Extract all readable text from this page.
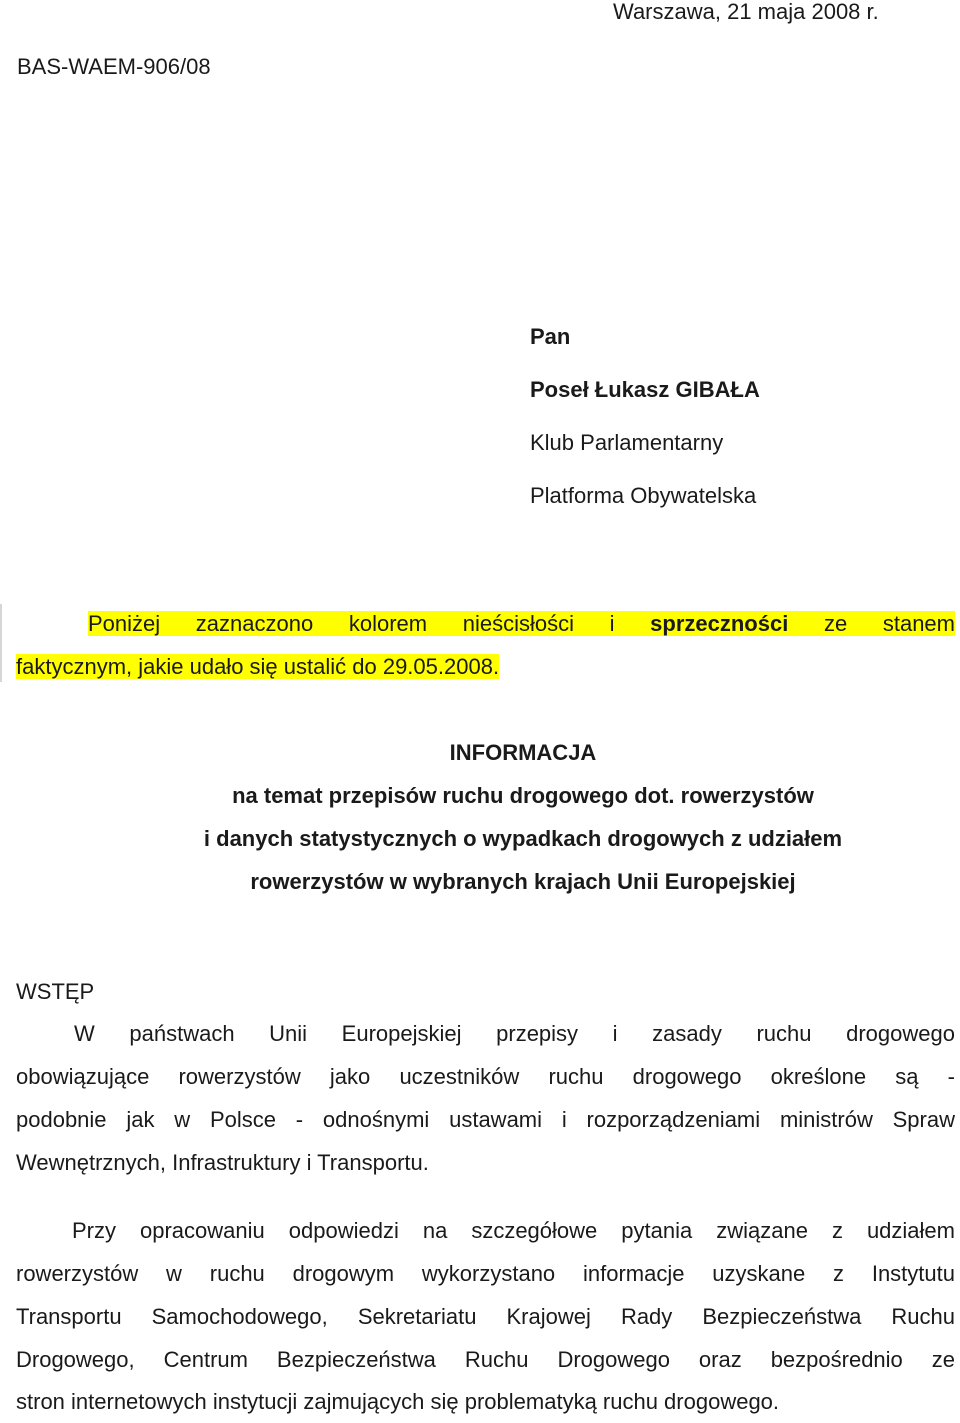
Warszawa, 21 maja 2008 r.
BAS-WAEM-906/08
Pan
Poseł Łukasz GIBAŁA
Klub Parlamentarny
Platforma Obywatelska
Poniżej zaznaczono kolorem nieścisłości i sprzeczności ze stanem
faktycznym, jakie udało się ustalić do 29.05.2008.
INFORMACJA
na temat przepisów ruchu drogowego dot. rowerzystów
i danych statystycznych o wypadkach drogowych z udziałem
rowerzystów w wybranych krajach Unii Europejskiej
WSTĘP
W państwach Unii Europejskiej przepisy i zasady ruchu drogowego
obowiązujące rowerzystów jako uczestników ruchu drogowego określone są -
podobnie jak w Polsce - odnośnymi ustawami i rozporządzeniami ministrów Spraw
Wewnętrznych, Infrastruktury i Transportu.
Przy opracowaniu odpowiedzi na szczegółowe pytania związane z udziałem
rowerzystów w ruchu drogowym wykorzystano informacje uzyskane z Instytutu
Transportu Samochodowego, Sekretariatu Krajowej Rady Bezpieczeństwa Ruchu
Drogowego, Centrum Bezpieczeństwa Ruchu Drogowego oraz bezpośrednio ze
stron internetowych instytucji zajmujących się problematyką ruchu drogowego.
